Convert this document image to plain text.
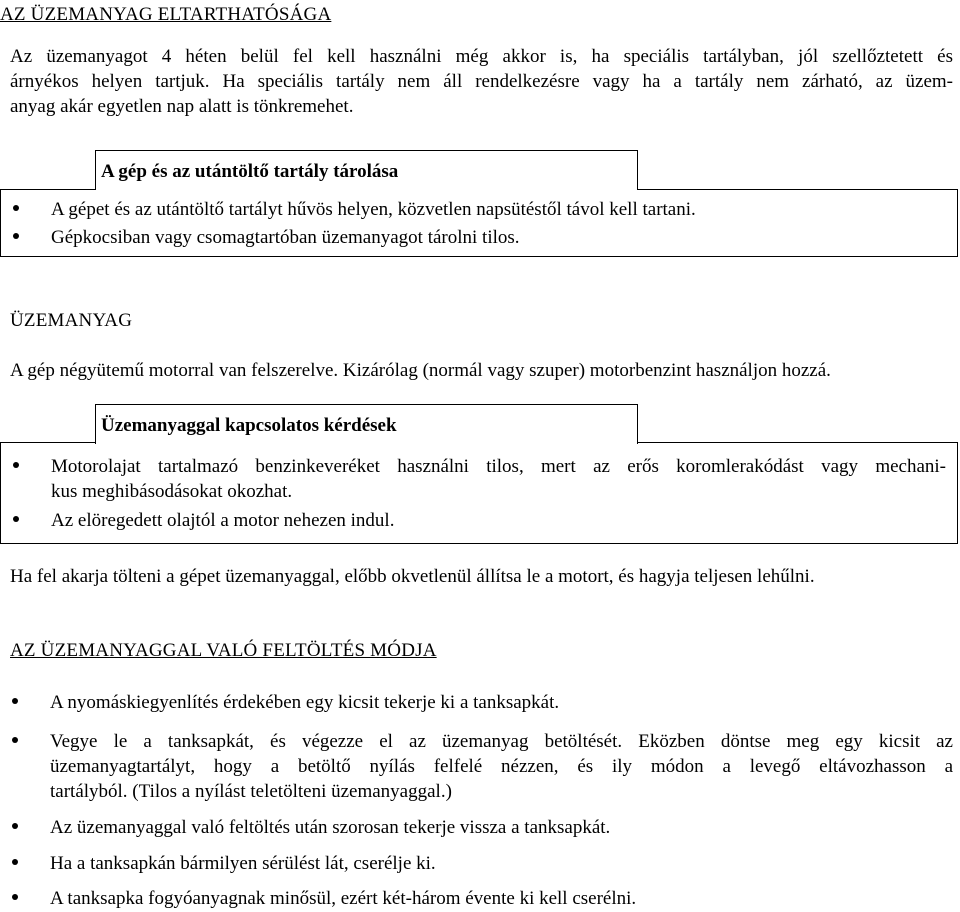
AZ ÜZEMANYAG ELTARTHATÓSÁGA
Az üzemanyagot 4 héten belül fel kell használni még akkor is, ha speciális tartályban, jól szellőztetett és
árnyékos helyen tartjuk. Ha speciális tartály nem áll rendelkezésre vagy ha a tartály nem zárható, az üzem-
anyag akár egyetlen nap alatt is tönkremehet.
A gépet és az utántöltő tartályt hűvös helyen, közvetlen napsütéstől távol kell tartani.
Gépkocsiban vagy csomagtartóban üzemanyagot tárolni tilos.
A gép és az utántöltő tartály tárolása
ÜZEMANYAG
A gép négyütemű motorral van felszerelve. Kizárólag (normál vagy szuper) motorbenzint használjon hozzá.
Motorolajat tartalmazó benzinkeveréket használni tilos, mert az erős koromlerakódást vagy mechani-
kus meghibásodásokat okozhat.
Az elöregedett olajtól a motor nehezen indul.
Üzemanyaggal kapcsolatos kérdések
Ha fel akarja tölteni a gépet üzemanyaggal, előbb okvetlenül állítsa le a motort, és hagyja teljesen lehűlni.
AZ ÜZEMANYAGGAL VALÓ FELTÖLTÉS MÓDJA
A nyomáskiegyenlítés érdekében egy kicsit tekerje ki a tanksapkát.
Vegye le a tanksapkát, és végezze el az üzemanyag betöltését. Eközben döntse meg egy kicsit az
üzemanyagtartályt, hogy a betöltő nyílás felfelé nézzen, és ily módon a levegő eltávozhasson a
tartályból. (Tilos a nyílást teletölteni üzemanyaggal.)
Az üzemanyaggal való feltöltés után szorosan tekerje vissza a tanksapkát.
Ha a tanksapkán bármilyen sérülést lát, cserélje ki.
A tanksapka fogyóanyagnak minősül, ezért két-három évente ki kell cserélni.
